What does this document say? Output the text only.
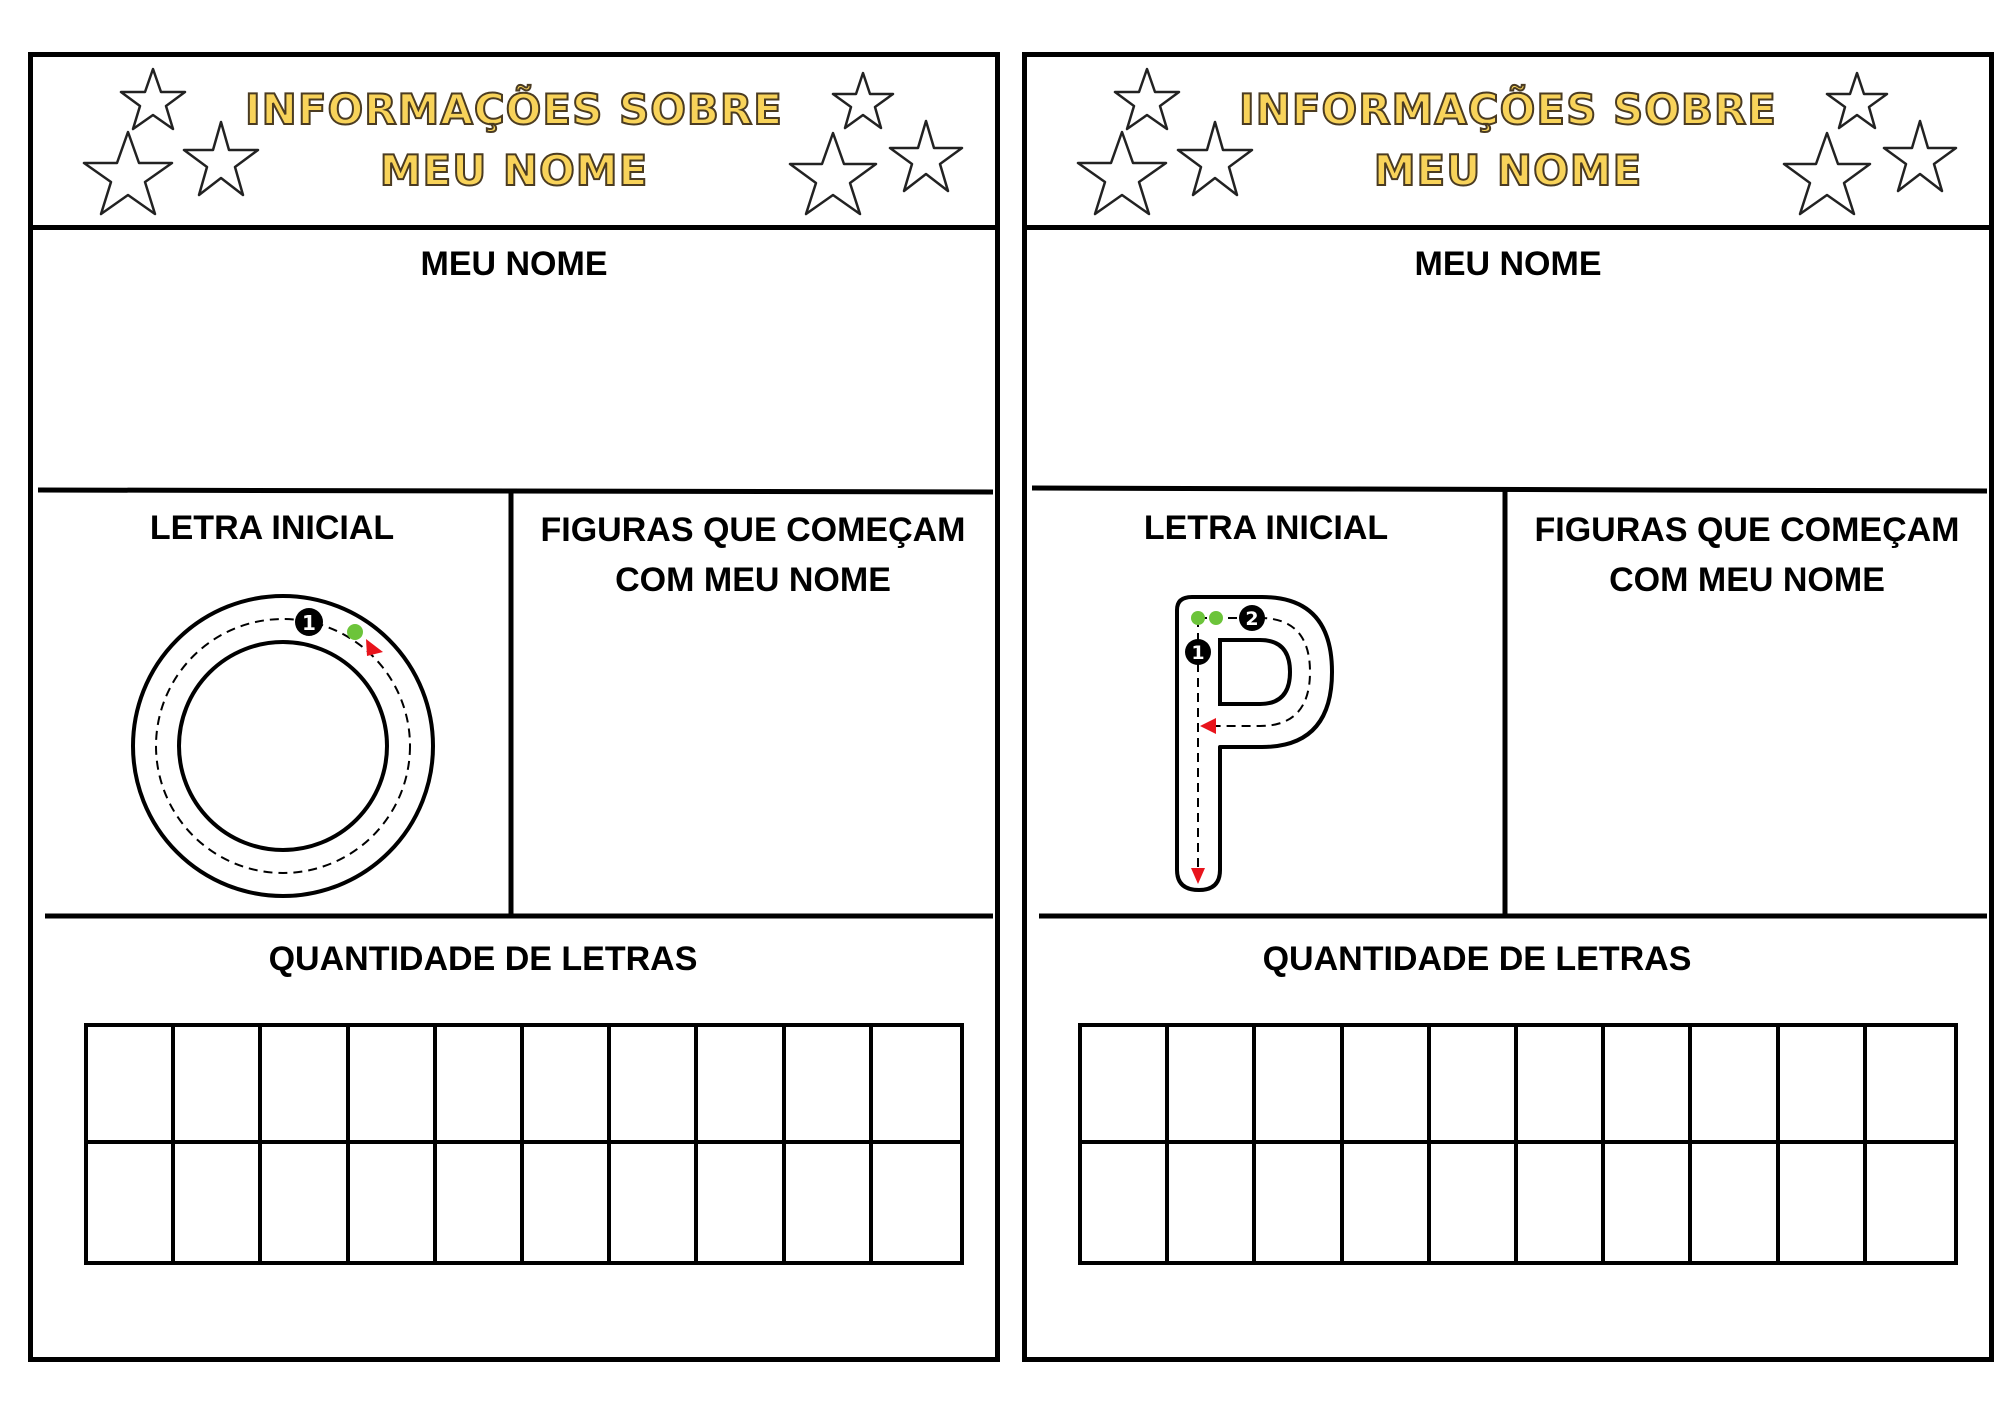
INFORMAÇÕES SOBRE
MEU NOME
MEU NOME
LETRA INICIAL	FIGURAS QUE COMEÇAM
COM MEU NOME
1
QUANTIDADE DE LETRAS
INFORMAÇÕES SOBRE
MEU NOME
MEU NOME
LETRA INICIAL	FIGURAS QUE COMEÇAM
COM MEU NOME
1
2
QUANTIDADE DE LETRAS
